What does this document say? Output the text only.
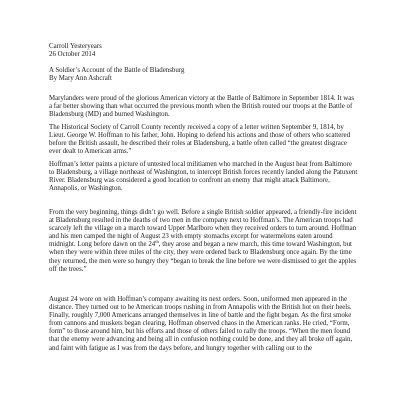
Carroll Yesteryears
26 October 2014
A Soldier’s Account of the Battle of Bladensburg
By Mary Ann Ashcraft

Marylanders were proud of the glorious American victory at the Battle of Baltimore in September 1814. It was a far better showing than what occurred the previous month when the British routed our troops at the Battle of Bladensburg (MD) and burned Washington.

The Historical Society of Carroll County recently received a copy of a letter written September 9, 1814, by Lieut. George W. Hoffman to his father, John. Hoping to defend his actions and those of others who scattered before the British assault, he described their roles at Bladensburg, a battle often called “the greatest disgrace ever dealt to American arms.”

Hoffman’s letter paints a picture of untested local militiamen who marched in the August heat from Baltimore to Bladensburg, a village northeast of Washington, to intercept British forces recently landed along the Patuxent River. Bladensburg was considered a good location to confront an enemy that might attack Baltimore, Annapolis, or Washington.

From the very beginning, things didn’t go well. Before a single British soldier appeared, a friendly-fire incident at Bladensburg resulted in the deaths of two men in the company next to Hoffman’s. The American troops had scarcely left the village on a march toward Upper Marlboro when they received orders to turn around. Hoffman and his men camped the night of August 23 with empty stomachs except for watermelons eaten around midnight. Long before dawn on the 24th, they arose and began a new march, this time toward Washington, but when they were within three miles of the city, they were ordered back to Bladensburg once again. By the time they returned, the men were so hungry they “began to break the line before we were dismissed to get the apples off the trees.”

August 24 wore on with Hoffman’s company awaiting its next orders. Soon, uniformed men appeared in the distance. They turned out to be American troops rushing in from Annapolis with the British hot on their heels. Finally, roughly 7,000 Americans arranged themselves in line of battle and the fight began. As the first smoke from cannons and muskets began clearing, Hoffman observed chaos in the American ranks. He cried, “Form, form” to those around him, but his efforts and those of others failed to rally the troops. “When the men found that the enemy were advancing and being all in confusion nothing could be done, and they all broke off again, and faint with fatigue as I was from the days before, and hungry together with calling out to the
